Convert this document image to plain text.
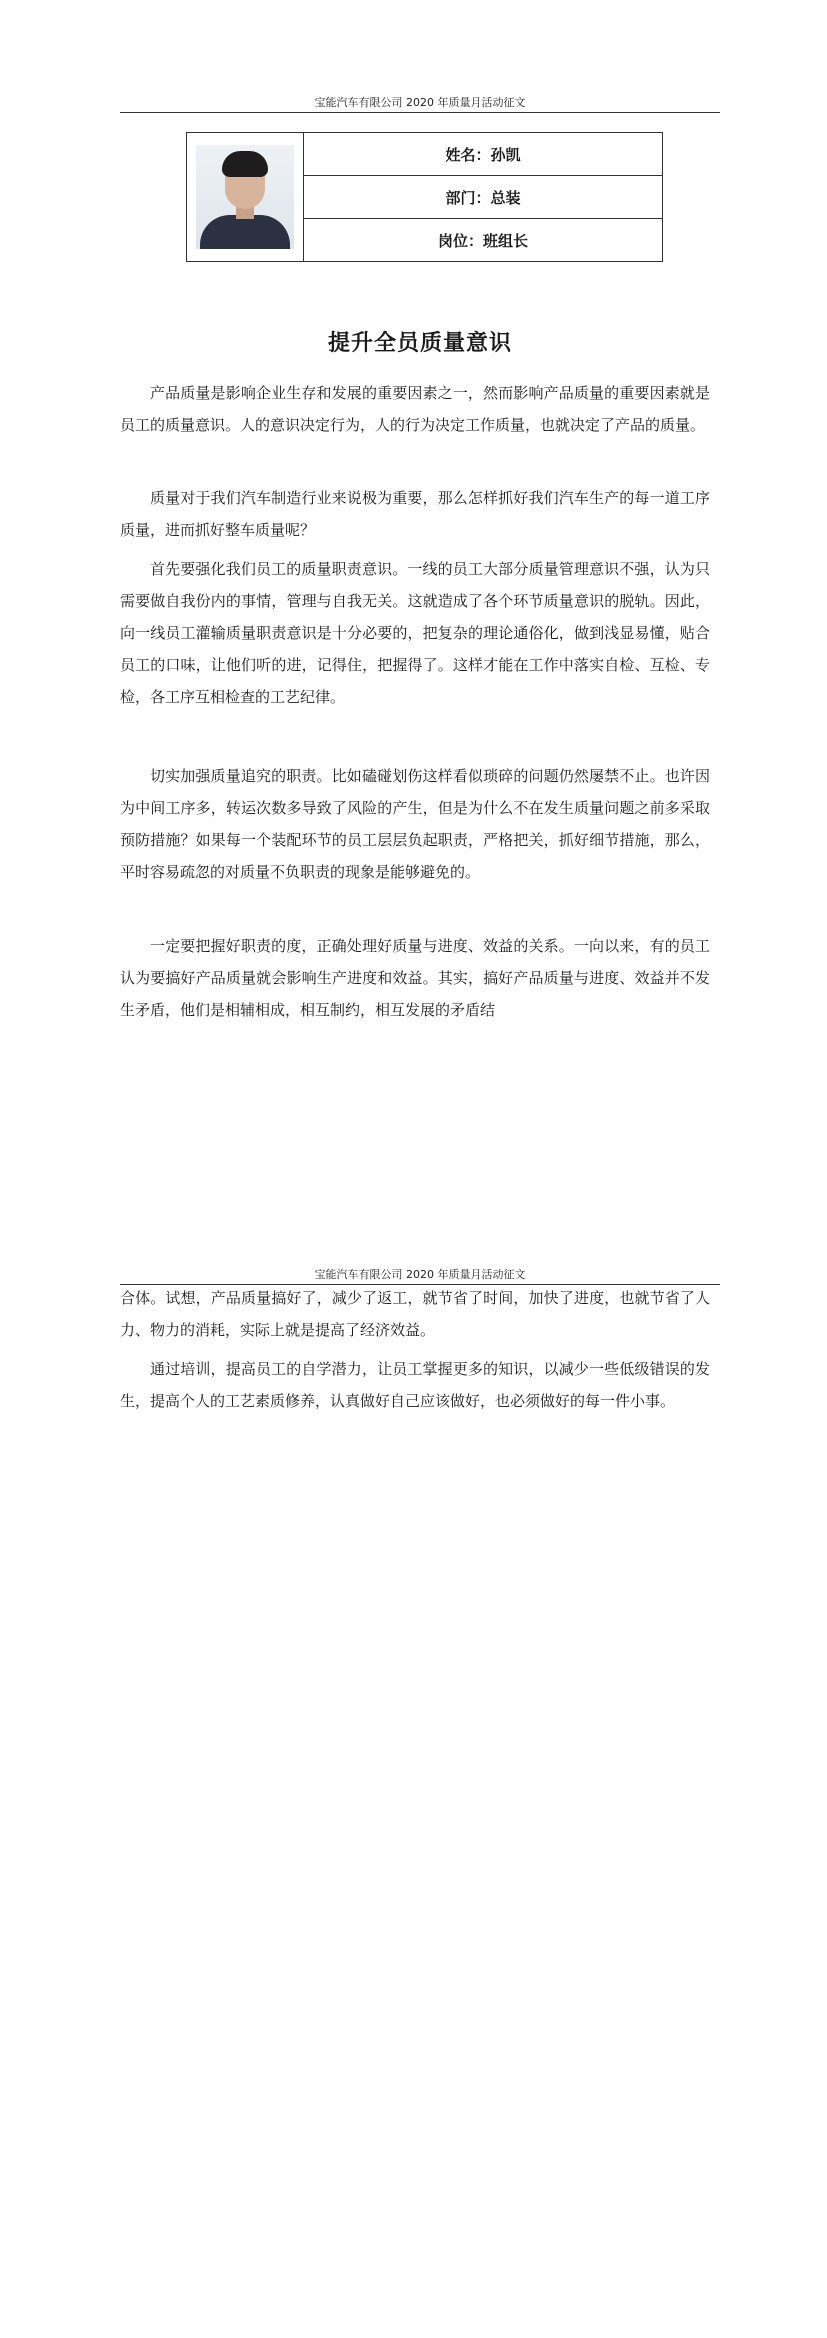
宝能汽车有限公司 2020 年质量月活动征文
	姓名：孙凯
部门：总装
岗位：班组长
提升全员质量意识

产品质量是影响企业生存和发展的重要因素之一，然而影响产品质量的重要因素就是员工的质量意识。人的意识决定行为，人的行为决定工作质量，也就决定了产品的质量。

质量对于我们汽车制造行业来说极为重要，那么怎样抓好我们汽车生产的每一道工序质量，进而抓好整车质量呢？

首先要强化我们员工的质量职责意识。一线的员工大部分质量管理意识不强，认为只需要做自我份内的事情，管理与自我无关。这就造成了各个环节质量意识的脱轨。因此，向一线员工灌输质量职责意识是十分必要的，把复杂的理论通俗化，做到浅显易懂，贴合员工的口味，让他们听的进，记得住，把握得了。这样才能在工作中落实自检、互检、专检，各工序互相检查的工艺纪律。

切实加强质量追究的职责。比如磕碰划伤这样看似琐碎的问题仍然屡禁不止。也许因为中间工序多，转运次数多导致了风险的产生，但是为什么不在发生质量问题之前多采取预防措施？如果每一个装配环节的员工层层负起职责，严格把关，抓好细节措施，那么，平时容易疏忽的对质量不负职责的现象是能够避免的。

一定要把握好职责的度，正确处理好质量与进度、效益的关系。一向以来，有的员工认为要搞好产品质量就会影响生产进度和效益。其实，搞好产品质量与进度、效益并不发生矛盾，他们是相辅相成，相互制约，相互发展的矛盾结

宝能汽车有限公司 2020 年质量月活动征文

合体。试想，产品质量搞好了，减少了返工，就节省了时间，加快了进度，也就节省了人力、物力的消耗，实际上就是提高了经济效益。

通过培训，提高员工的自学潜力，让员工掌握更多的知识，以减少一些低级错误的发生，提高个人的工艺素质修养，认真做好自己应该做好，也必须做好的每一件小事。
